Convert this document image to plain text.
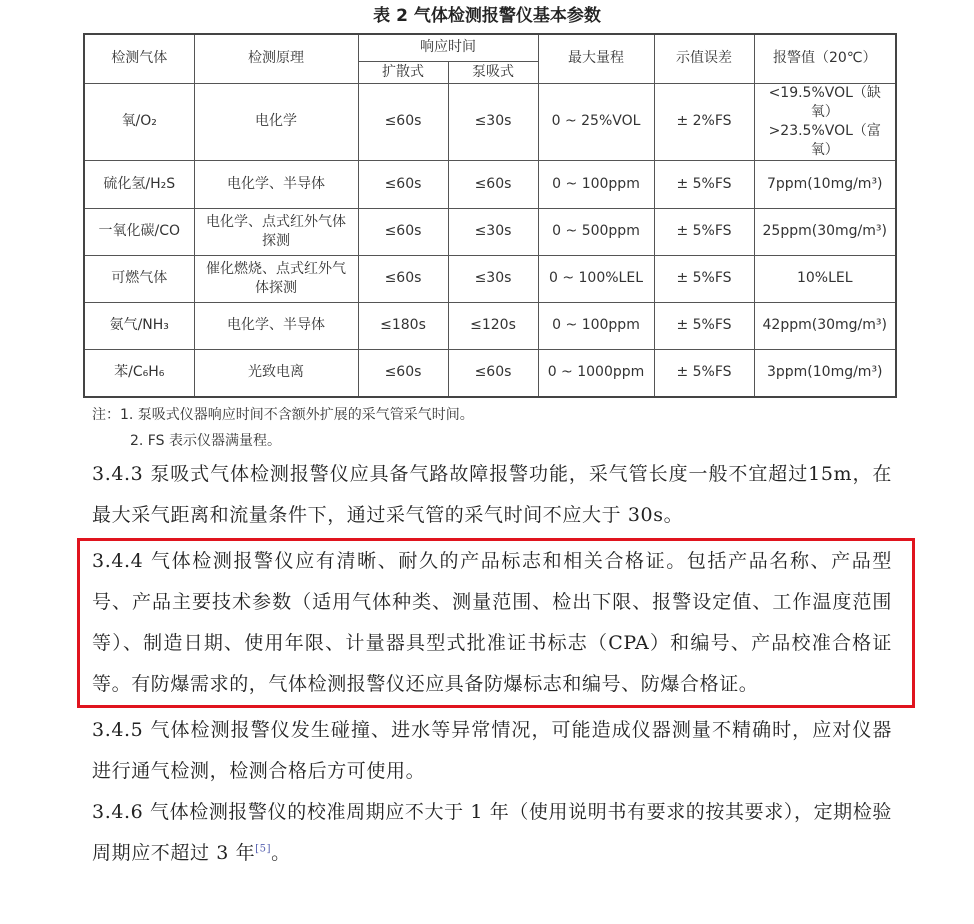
表 2 气体检测报警仪基本参数
检测气体	检测原理	响应时间		最大量程	示值误差	报警值（20℃）
		扩散式	泵吸式			
氧/O₂	电化学	≤60s	≤30s	0 ~ 25%VOL	± 2%FS	<19.5%VOL（缺氧）
>23.5%VOL（富氧）

硫化氢/H₂S	电化学、半导体	≤60s	≤60s	0 ~ 100ppm	± 5%FS	7ppm(10mg/m³)
一氧化碳/CO	电化学、点式红外气体探测	≤60s	≤30s	0 ~ 500ppm	± 5%FS	25ppm(30mg/m³)
可燃气体	催化燃烧、点式红外气体探测	≤60s	≤30s	0 ~ 100%LEL	± 5%FS	10%LEL
氨气/NH₃	电化学、半导体	≤180s	≤120s	0 ~ 100ppm	± 5%FS	42ppm(30mg/m³)
苯/C₆H₆	光致电离	≤60s	≤60s	0 ~ 1000ppm	± 5%FS	3ppm(10mg/m³)
注：1. 泵吸式仪器响应时间不含额外扩展的采气管采气时间。
2. FS 表示仪器满量程。
3.4.3 泵吸式气体检测报警仪应具备气路故障报警功能，采气管长度一般不宜超过15m，在最大采气距离和流量条件下，通过采气管的采气时间不应大于 30s。
3.4.4 气体检测报警仪应有清晰、耐久的产品标志和相关合格证。包括产品名称、产品型号、产品主要技术参数（适用气体种类、测量范围、检出下限、报警设定值、工作温度范围等）、制造日期、使用年限、计量器具型式批准证书标志（CPA）和编号、产品校准合格证等。有防爆需求的，气体检测报警仪还应具备防爆标志和编号、防爆合格证。
3.4.5 气体检测报警仪发生碰撞、进水等异常情况，可能造成仪器测量不精确时，应对仪器进行通气检测，检测合格后方可使用。
3.4.6 气体检测报警仪的校准周期应不大于 1 年（使用说明书有要求的按其要求），定期检验周期应不超过 3 年[5]。
